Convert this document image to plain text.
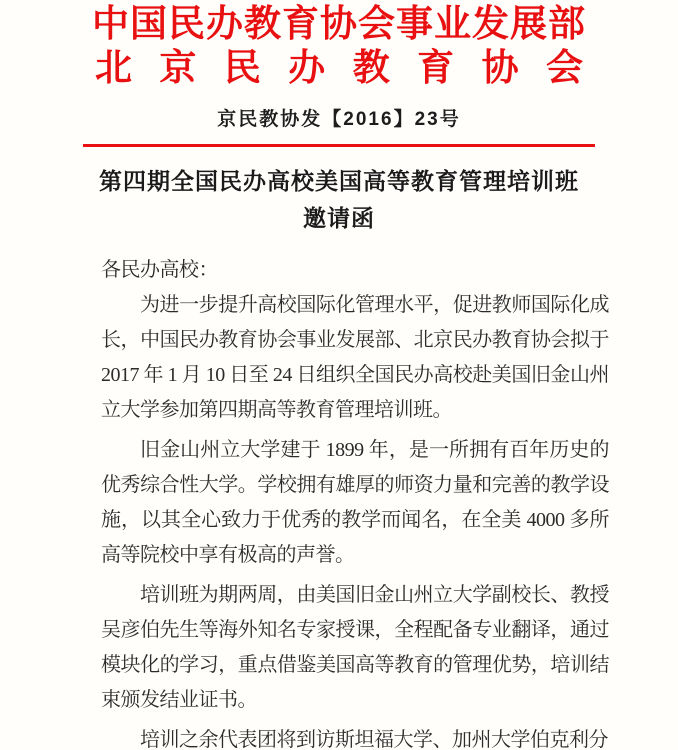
中国民办教育协会事业发展部
北京民办教育协会
京民教协发【2016】23号
第四期全国民办高校美国高等教育管理培训班
邀请函

各民办高校：

为进一步提升高校国际化管理水平，促进教师国际化成长，中国民办教育协会事业发展部、北京民办教育协会拟于 2017 年 1 月 10 日至 24 日组织全国民办高校赴美国旧金山州立大学参加第四期高等教育管理培训班。

旧金山州立大学建于 1899 年，是一所拥有百年历史的优秀综合性大学。学校拥有雄厚的师资力量和完善的教学设施，以其全心致力于优秀的教学而闻名，在全美 4000 多所高等院校中享有极高的声誉。

培训班为期两周，由美国旧金山州立大学副校长、教授吴彦伯先生等海外知名专家授课，全程配备专业翻译，通过模块化的学习，重点借鉴美国高等教育的管理优势，培训结束颁发结业证书。

培训之余代表团将到访斯坦福大学、加州大学伯克利分
